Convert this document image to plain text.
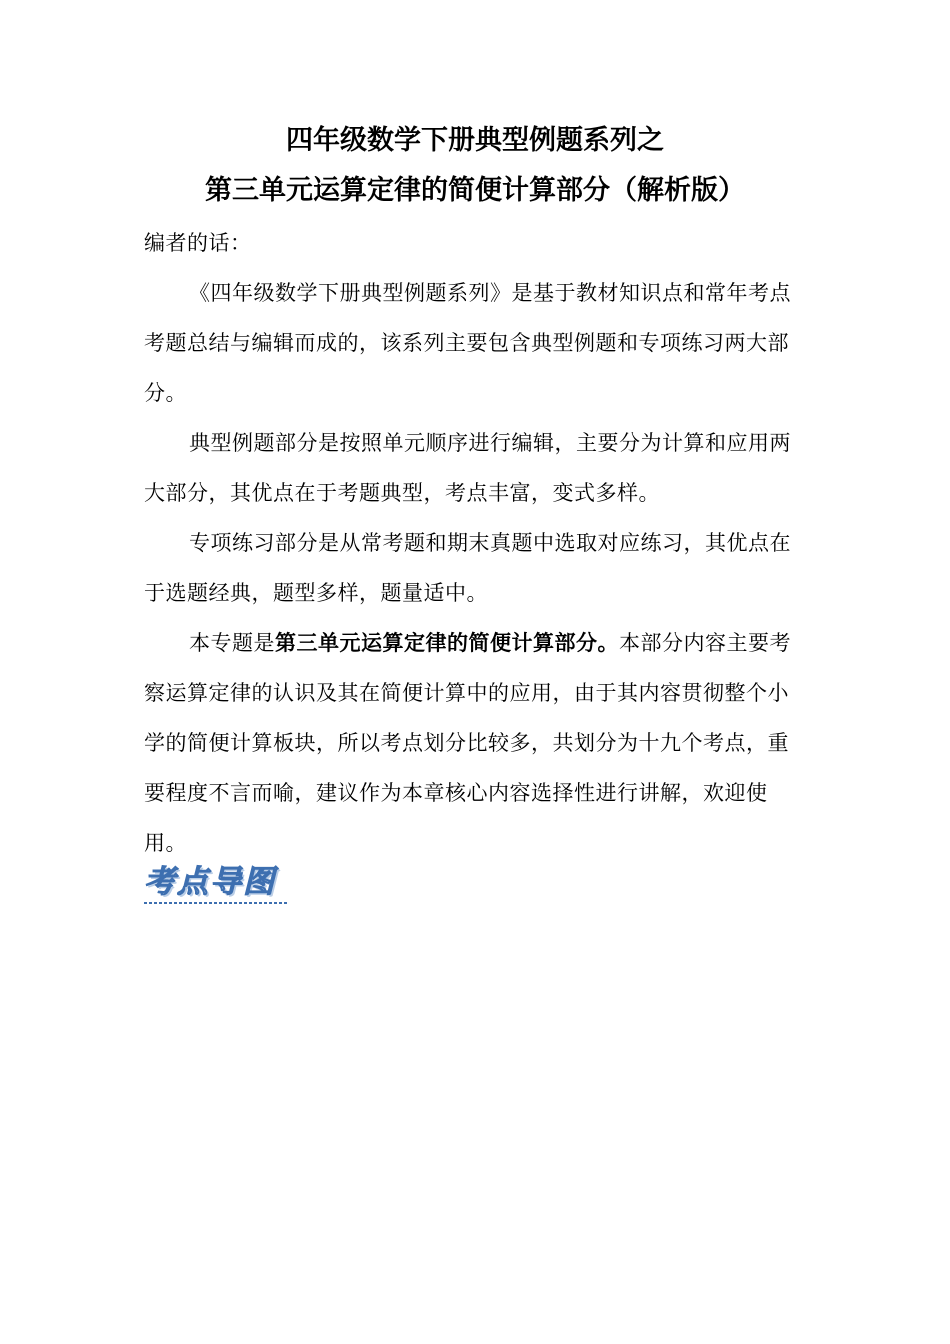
四年级数学下册典型例题系列之
第三单元运算定律的简便计算部分（解析版）
编者的话：

《四年级数学下册典型例题系列》是基于教材知识点和常年考点考题总结与编辑而成的，该系列主要包含典型例题和专项练习两大部分。

典型例题部分是按照单元顺序进行编辑，主要分为计算和应用两大部分，其优点在于考题典型，考点丰富，变式多样。

专项练习部分是从常考题和期末真题中选取对应练习，其优点在于选题经典，题型多样，题量适中。

本专题是第三单元运算定律的简便计算部分。本部分内容主要考察运算定律的认识及其在简便计算中的应用，由于其内容贯彻整个小学的简便计算板块，所以考点划分比较多，共划分为十九个考点，重要程度不言而喻，建议作为本章核心内容选择性进行讲解，欢迎使用。

考点导图
